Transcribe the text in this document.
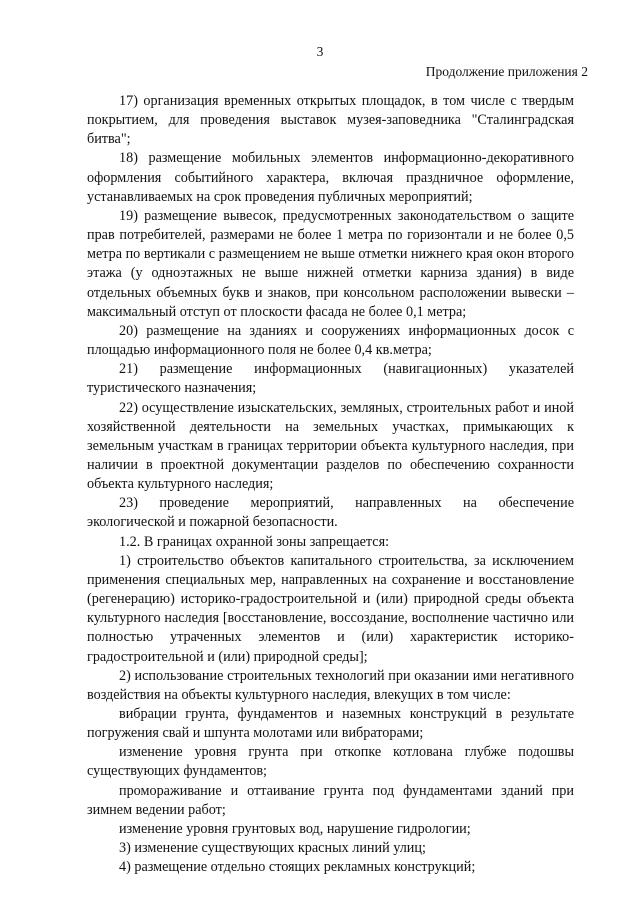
3
Продолжение приложения 2

17) организация временных открытых площадок, в том числе с твердым покрытием, для проведения выставок музея-заповедника "Сталинградская битва";

18) размещение мобильных элементов информационно-декоративного оформления событийного характера, включая праздничное оформление, устанавливаемых на срок проведения публичных мероприятий;

19) размещение вывесок, предусмотренных законодательством о защите прав потребителей, размерами не более 1 метра по горизонтали и не более 0,5 метра по вертикали с размещением не выше отметки нижнего края окон второго этажа (у одноэтажных не выше нижней отметки карниза здания) в виде отдельных объемных букв и знаков, при консольном расположении вывески – максимальный отступ от плоскости фасада не более 0,1 метра;

20) размещение на зданиях и сооружениях информационных досок с площадью информационного поля не более 0,4 кв.метра;

21) размещение информационных (навигационных) указателей туристического назначения;

22) осуществление изыскательских, земляных, строительных работ и иной хозяйственной деятельности на земельных участках, примыкающих к земельным участкам в границах территории объекта культурного наследия, при наличии в проектной документации разделов по обеспечению сохранности объекта культурного наследия;

23) проведение мероприятий, направленных на обеспечение экологической и пожарной безопасности.

1.2. В границах охранной зоны запрещается:

1) строительство объектов капитального строительства, за исключением применения специальных мер, направленных на сохранение и восстановление (регенерацию) историко-градостроительной и (или) природной среды объекта культурного наследия [восстановление, воссоздание, восполнение частично или полностью утраченных элементов и (или) характеристик историко-градостроительной и (или) природной среды];

2) использование строительных технологий при оказании ими негативного воздействия на объекты культурного наследия, влекущих в том числе:

вибрации грунта, фундаментов и наземных конструкций в результате погружения свай и шпунта молотами или вибраторами;

изменение уровня грунта при откопке котлована глубже подошвы существующих фундаментов;

промораживание и оттаивание грунта под фундаментами зданий при зимнем ведении работ;

изменение уровня грунтовых вод, нарушение гидрологии;

3) изменение существующих красных линий улиц;

4) размещение отдельно стоящих рекламных конструкций;
